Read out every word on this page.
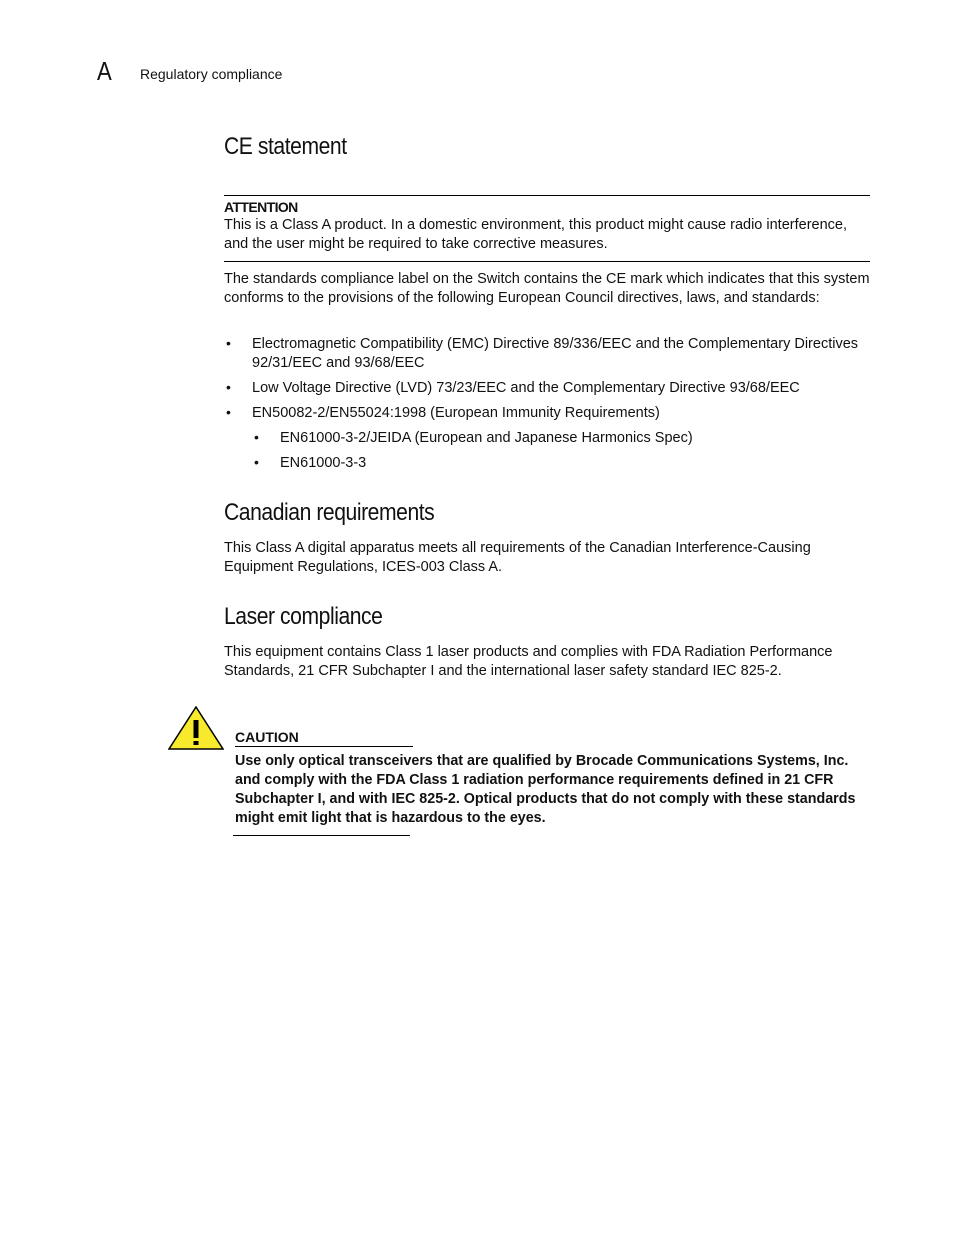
A Regulatory compliance
CE statement
ATTENTION
This is a Class A product. In a domestic environment, this product might cause radio interference, and the user might be required to take corrective measures.

The standards compliance label on the Switch contains the CE mark which indicates that this system conforms to the provisions of the following European Council directives, laws, and standards:

• Electromagnetic Compatibility (EMC) Directive 89/336/EEC and the Complementary Directives 92/31/EEC and 93/68/EEC
• Low Voltage Directive (LVD) 73/23/EEC and the Complementary Directive 93/68/EEC
• EN50082-2/EN55024:1998 (European Immunity Requirements)
• EN61000-3-2/JEIDA (European and Japanese Harmonics Spec)
• EN61000-3-3
Canadian requirements

This Class A digital apparatus meets all requirements of the Canadian Interference-Causing Equipment Regulations, ICES-003 Class A.

Laser compliance

This equipment contains Class 1 laser products and complies with FDA Radiation Performance Standards, 21 CFR Subchapter I and the international laser safety standard IEC 825-2.

CAUTION
Use only optical transceivers that are qualified by Brocade Communications Systems, Inc. and comply with the FDA Class 1 radiation performance requirements defined in 21 CFR Subchapter I, and with IEC 825-2. Optical products that do not comply with these standards might emit light that is hazardous to the eyes.
